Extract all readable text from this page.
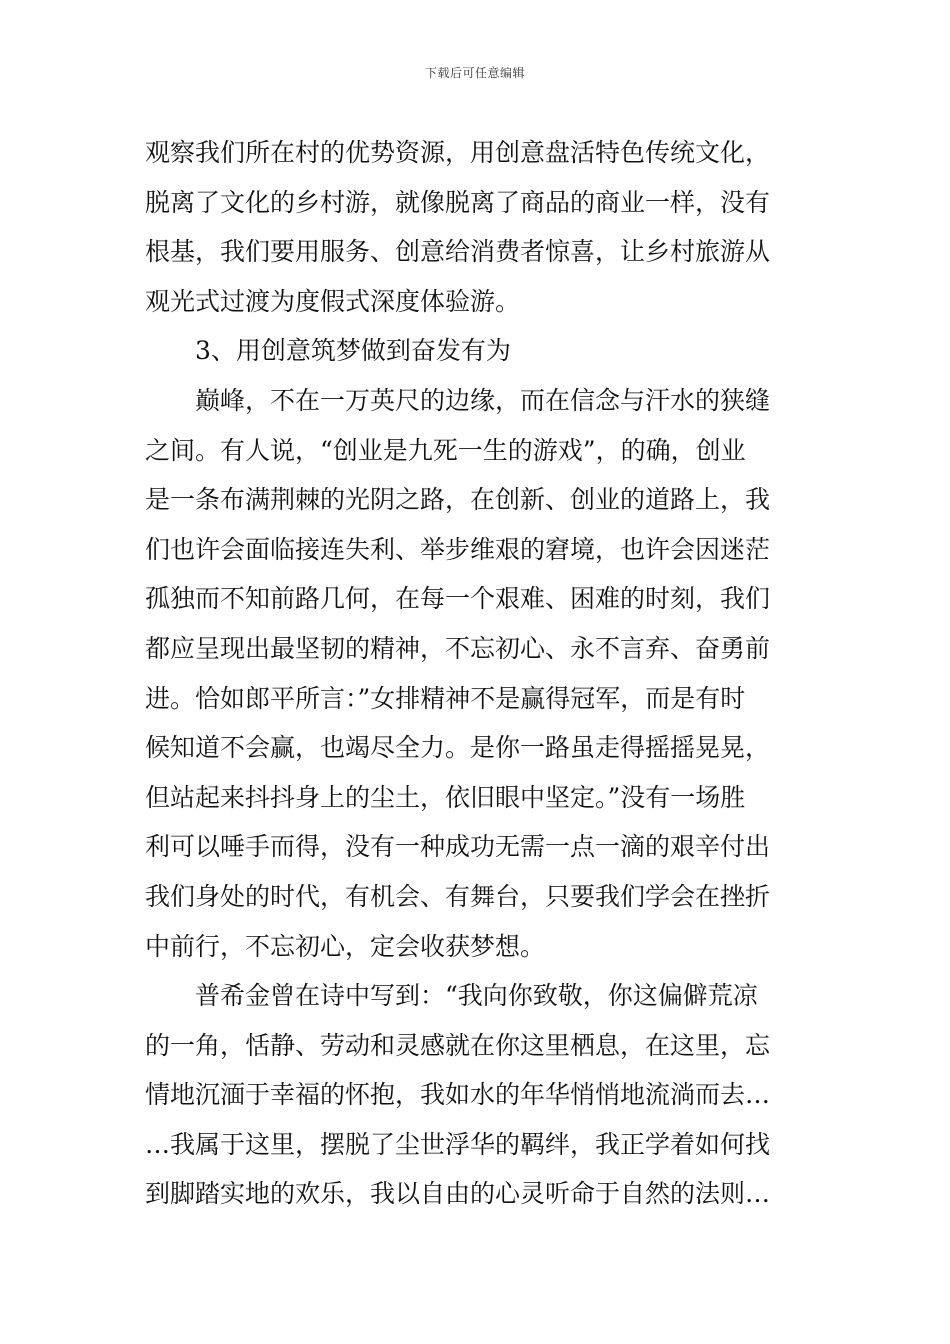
下载后可任意编辑
观察我们所在村的优势资源，用创意盘活特色传统文化，
脱离了文化的乡村游，就像脱离了商品的商业一样，没有
根基，我们要用服务、创意给消费者惊喜，让乡村旅游从
观光式过渡为度假式深度体验游。
3、用创意筑梦做到奋发有为
巅峰，不在一万英尺的边缘，而在信念与汗水的狭缝
之间。有人说，“创业是九死一生的游戏”，的确，创业
是一条布满荆棘的光阴之路，在创新、创业的道路上，我
们也许会面临接连失利、举步维艰的窘境，也许会因迷茫
孤独而不知前路几何，在每一个艰难、困难的时刻，我们
都应呈现出最坚韧的精神，不忘初心、永不言弃、奋勇前
进。恰如郎平所言：”女排精神不是赢得冠军，而是有时
候知道不会赢，也竭尽全力。是你一路虽走得摇摇晃晃，
但站起来抖抖身上的尘土，依旧眼中坚定。”没有一场胜
利可以唾手而得，没有一种成功无需一点一滴的艰辛付出
我们身处的时代，有机会、有舞台，只要我们学会在挫折
中前行，不忘初心，定会收获梦想。
普希金曾在诗中写到：“我向你致敬，你这偏僻荒凉
的一角，恬静、劳动和灵感就在你这里栖息，在这里，忘
情地沉湎于幸福的怀抱，我如水的年华悄悄地流淌而去…
…我属于这里，摆脱了尘世浮华的羁绊，我正学着如何找
到脚踏实地的欢乐，我以自由的心灵听命于自然的法则…
